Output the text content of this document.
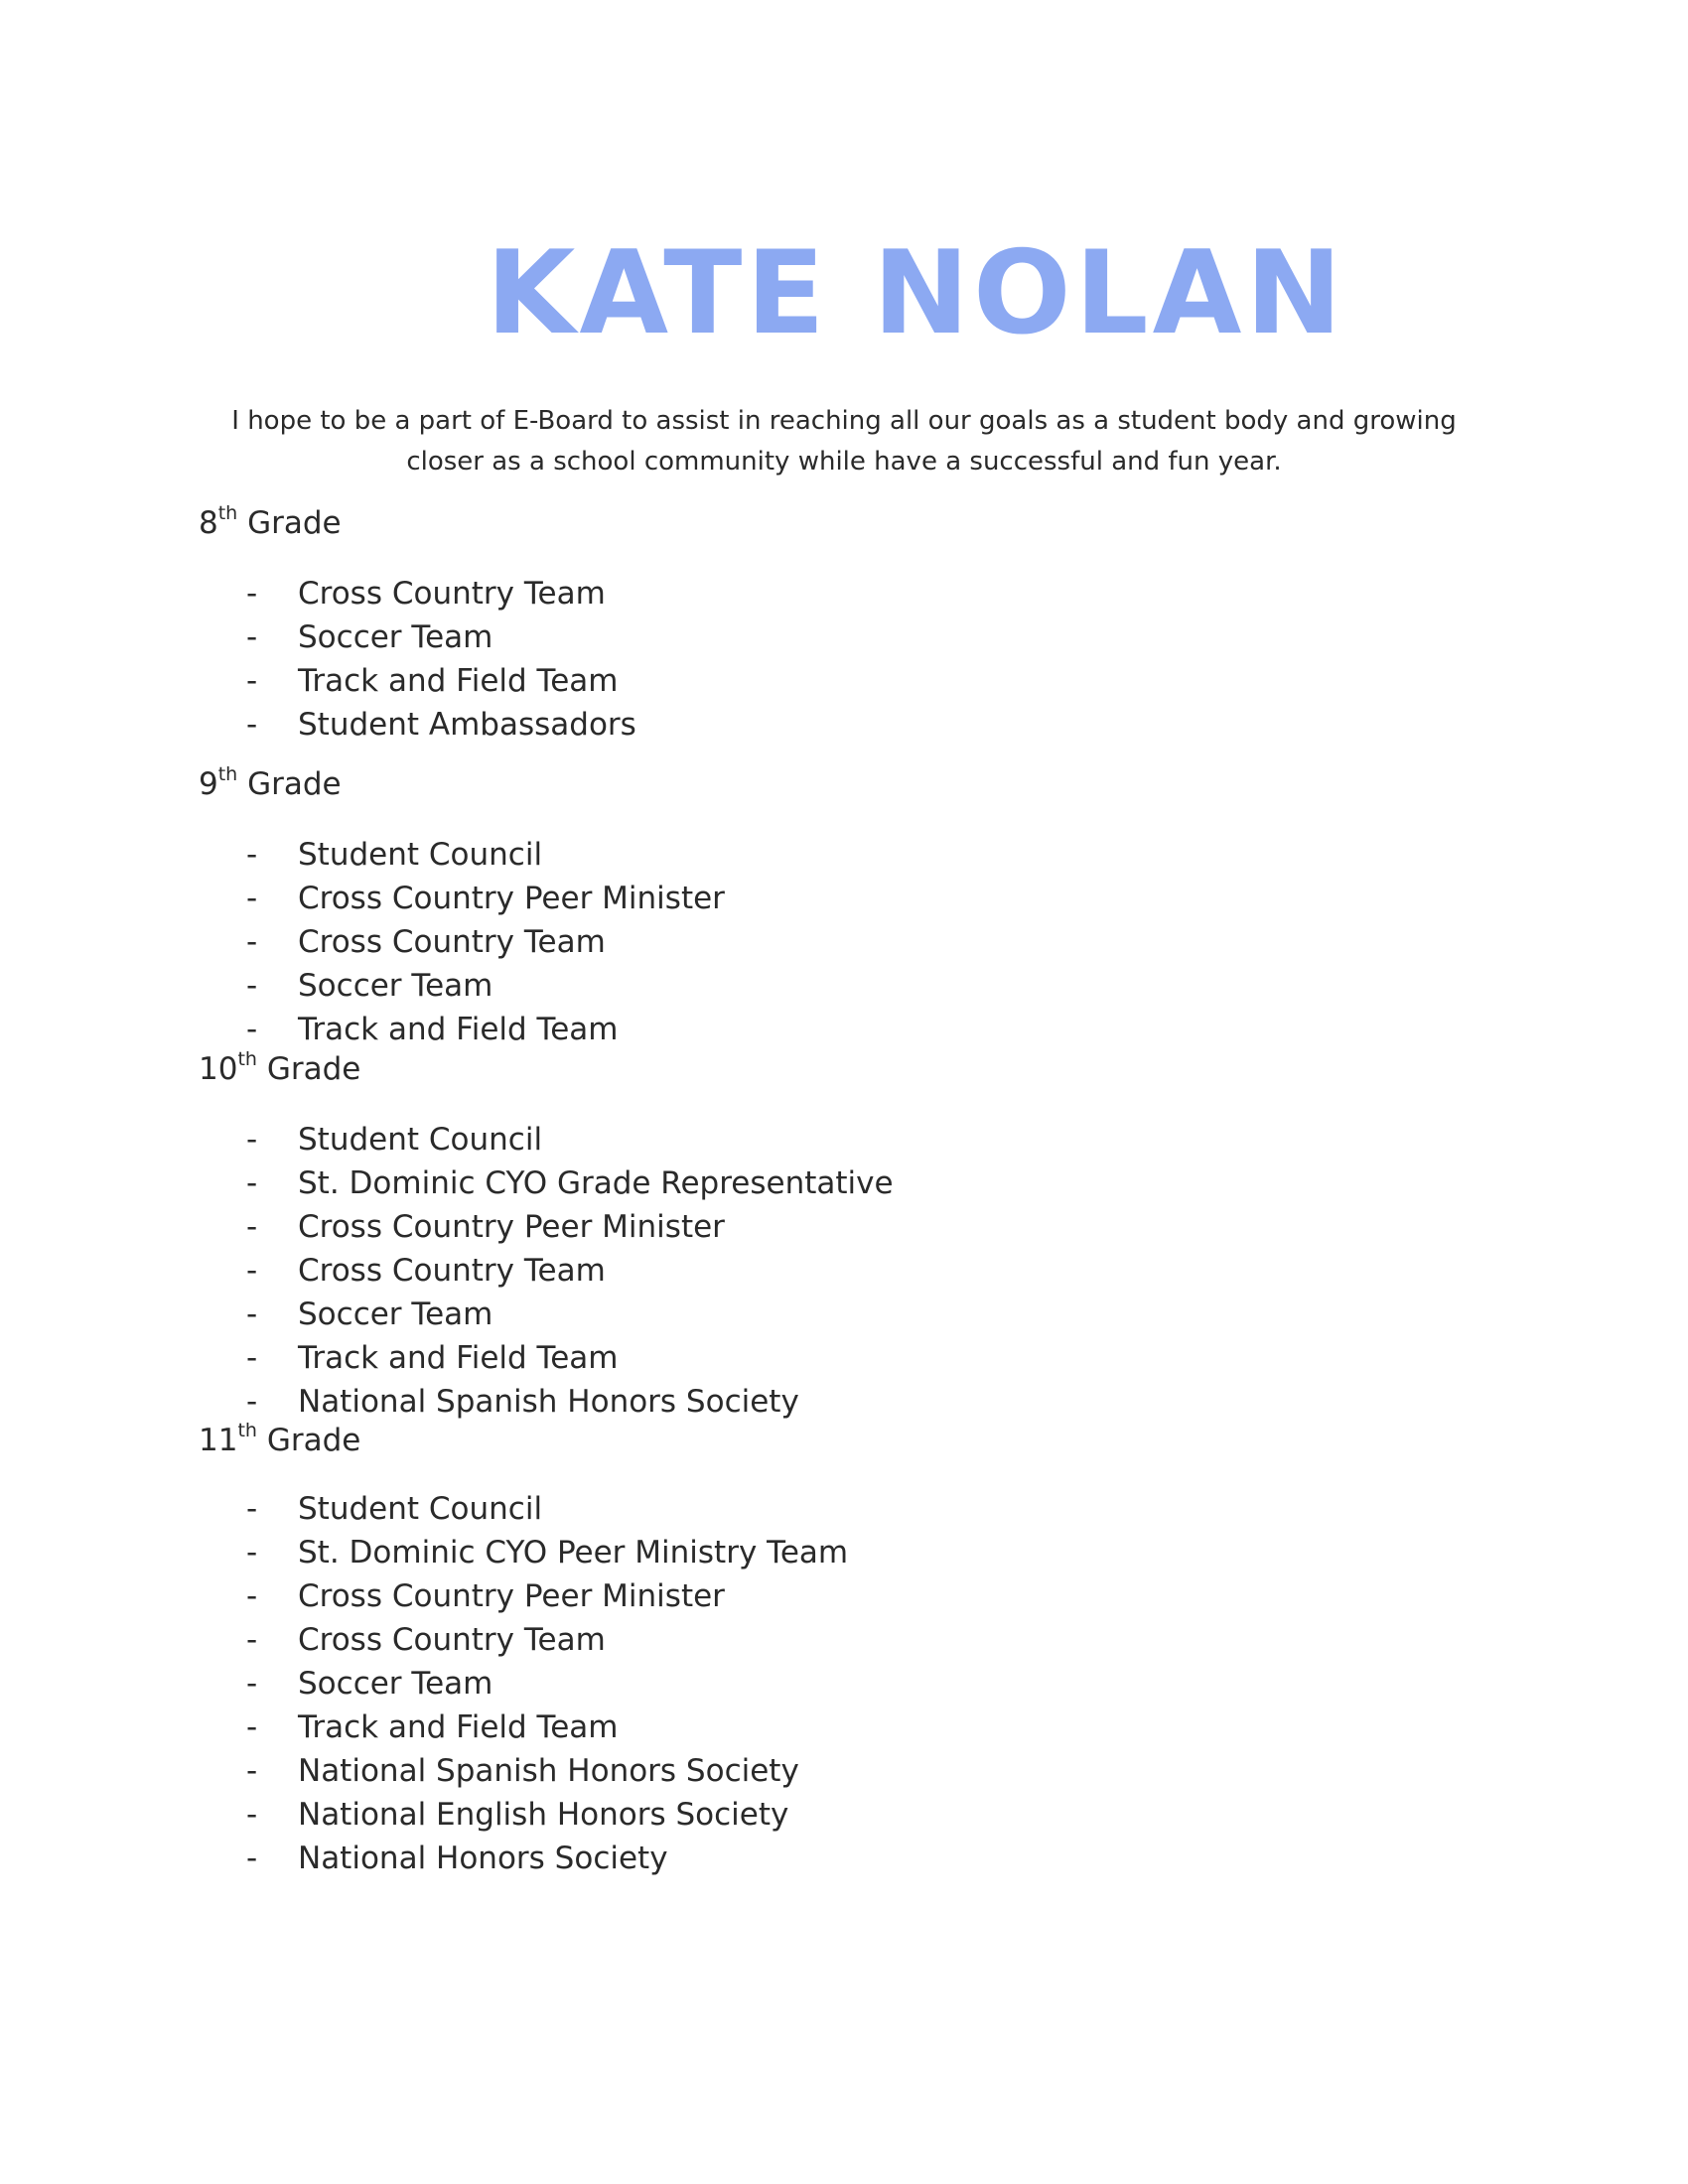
KATE NOLAN
I hope to be a part of E-Board to assist in reaching all our goals as a student body and growing closer as a school community while have a successful and fun year.
8th Grade
- Cross Country Team
- Soccer Team
- Track and Field Team
- Student Ambassadors
9th Grade
- Student Council
- Cross Country Peer Minister
- Cross Country Team
- Soccer Team
- Track and Field Team
10th Grade
- Student Council
- St. Dominic CYO Grade Representative
- Cross Country Peer Minister
- Cross Country Team
- Soccer Team
- Track and Field Team
- National Spanish Honors Society
11th Grade
- Student Council
- St. Dominic CYO Peer Ministry Team
- Cross Country Peer Minister
- Cross Country Team
- Soccer Team
- Track and Field Team
- National Spanish Honors Society
- National English Honors Society
- National Honors Society
